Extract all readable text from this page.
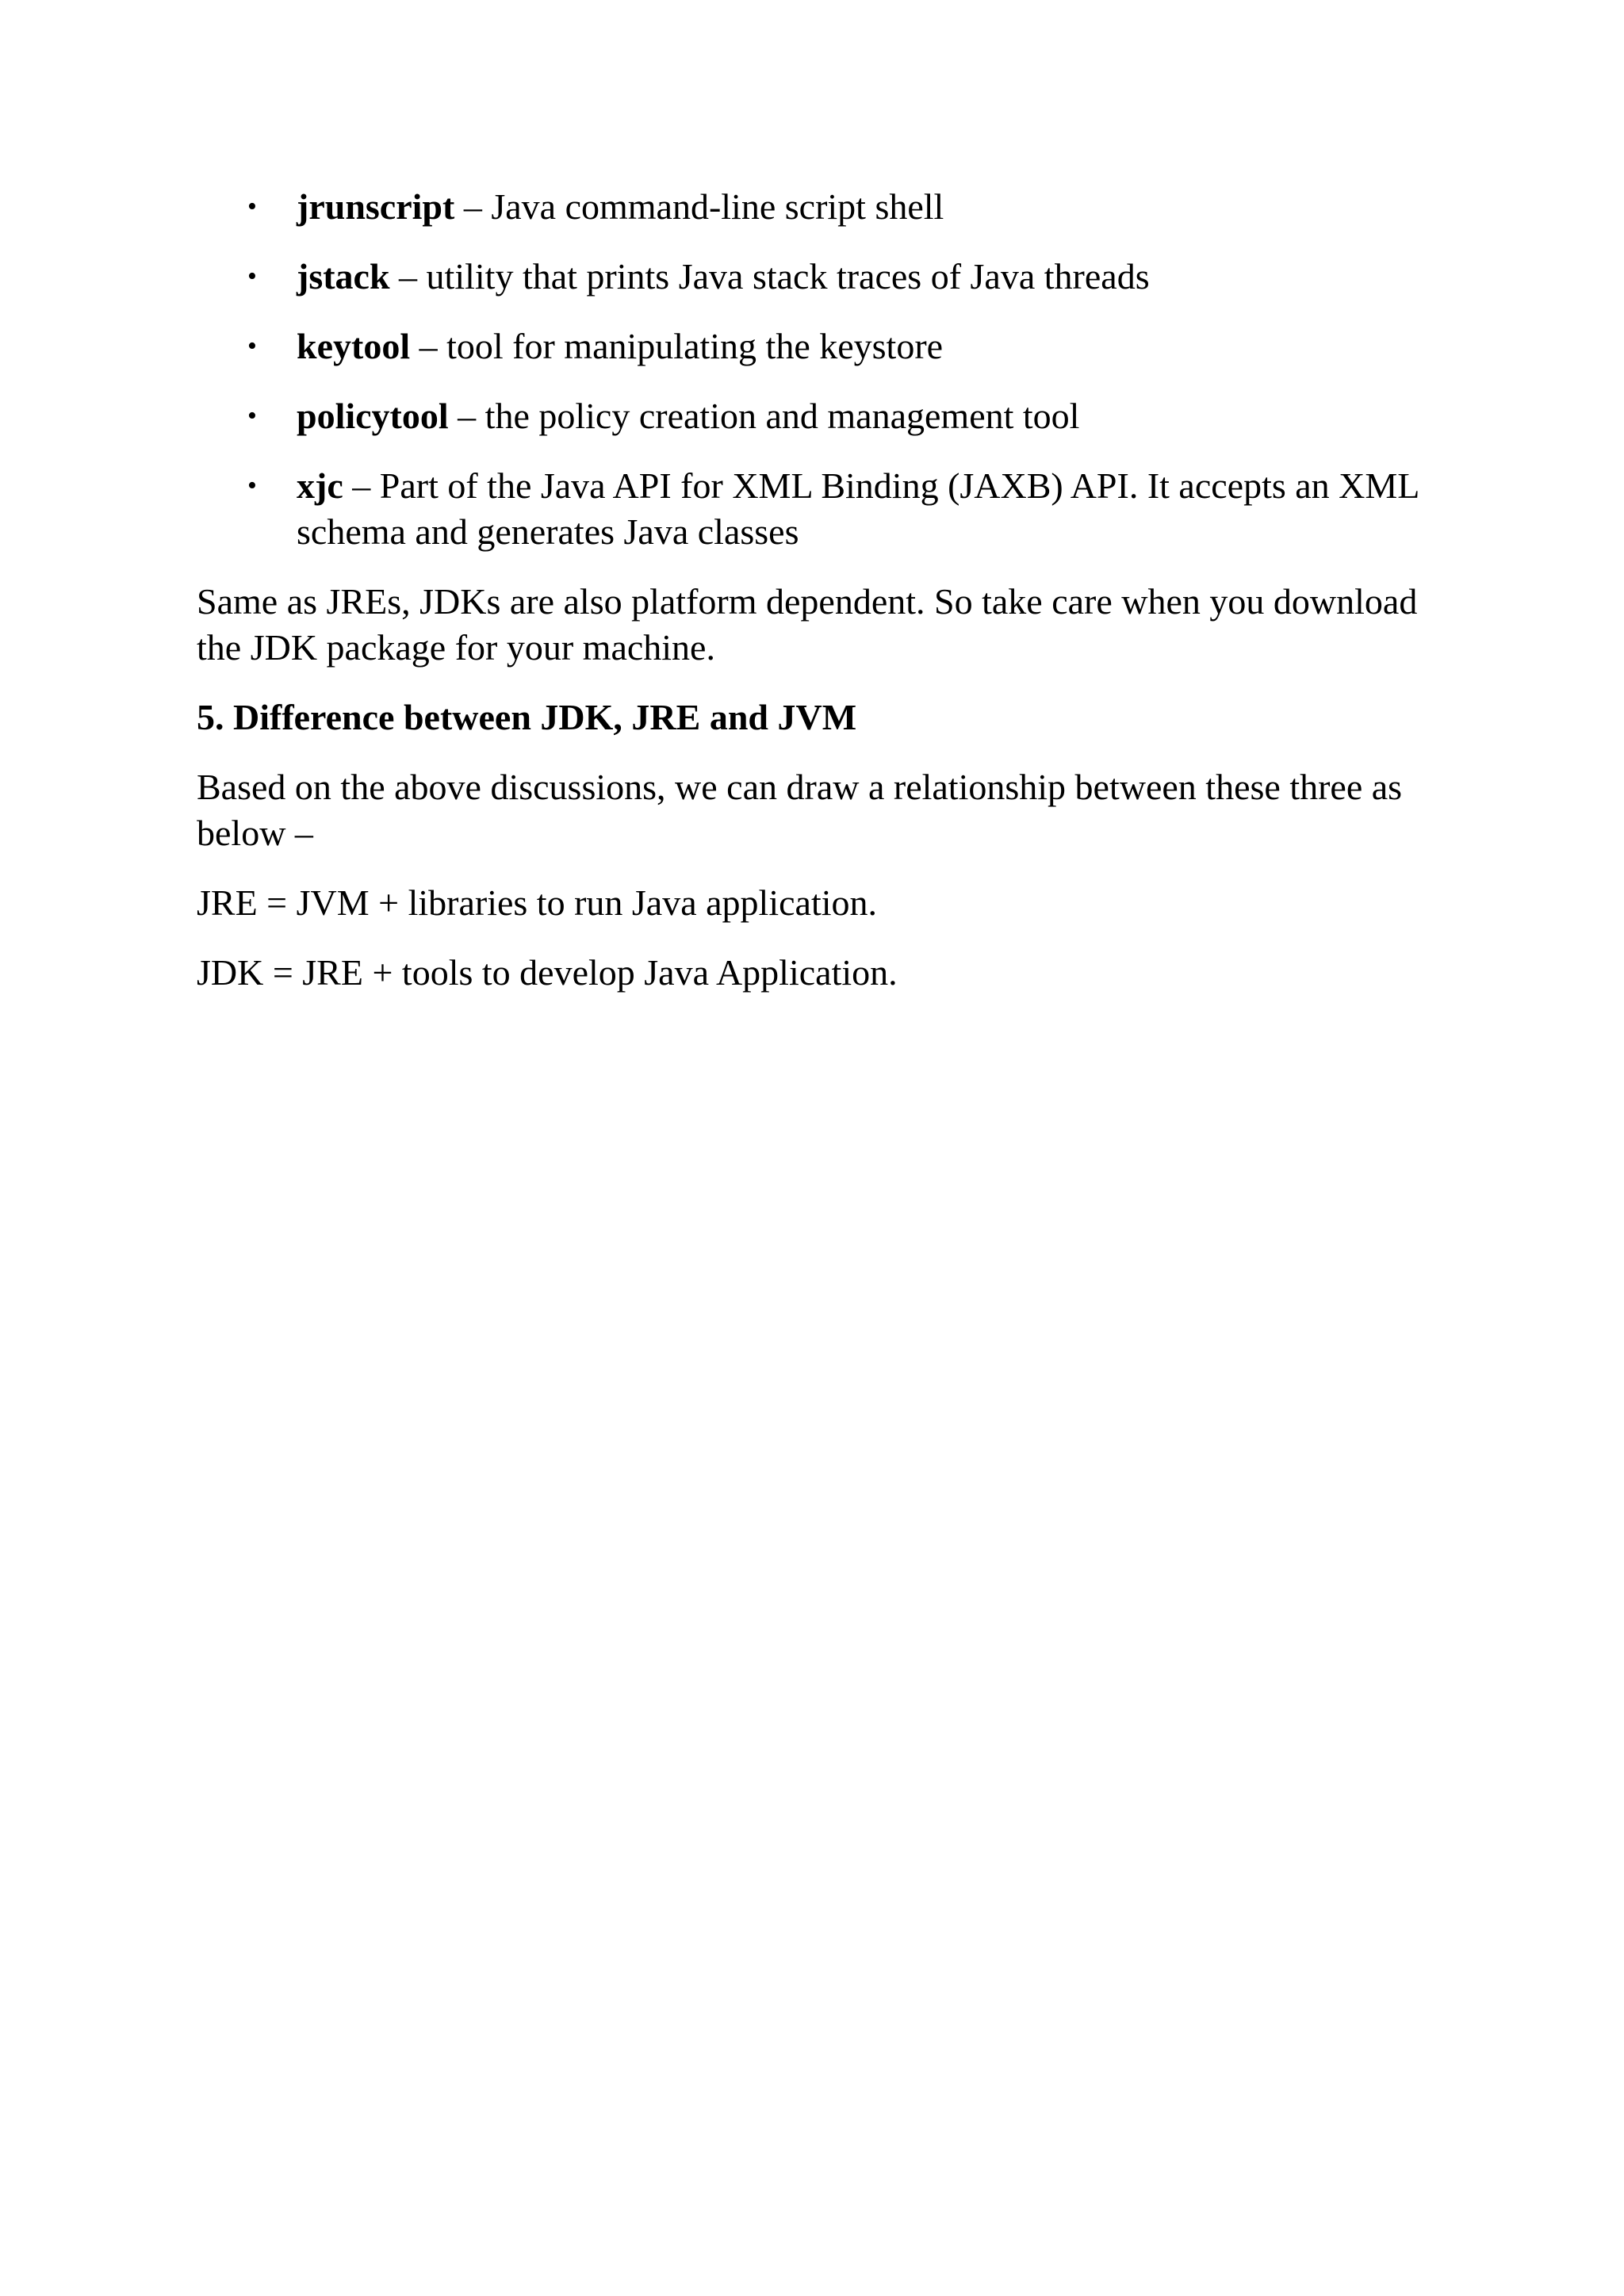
• jrunscript – Java command-line script shell
• jstack – utility that prints Java stack traces of Java threads
• keytool – tool for manipulating the keystore
• policytool – the policy creation and management tool
• xjc – Part of the Java API for XML Binding (JAXB) API. It accepts an XML schema and generates Java classes

Same as JREs, JDKs are also platform dependent. So take care when you download the JDK package for your machine.

5. Difference between JDK, JRE and JVM

Based on the above discussions, we can draw a relationship between these three as below –

JRE = JVM + libraries to run Java application.

JDK = JRE + tools to develop Java Application.
